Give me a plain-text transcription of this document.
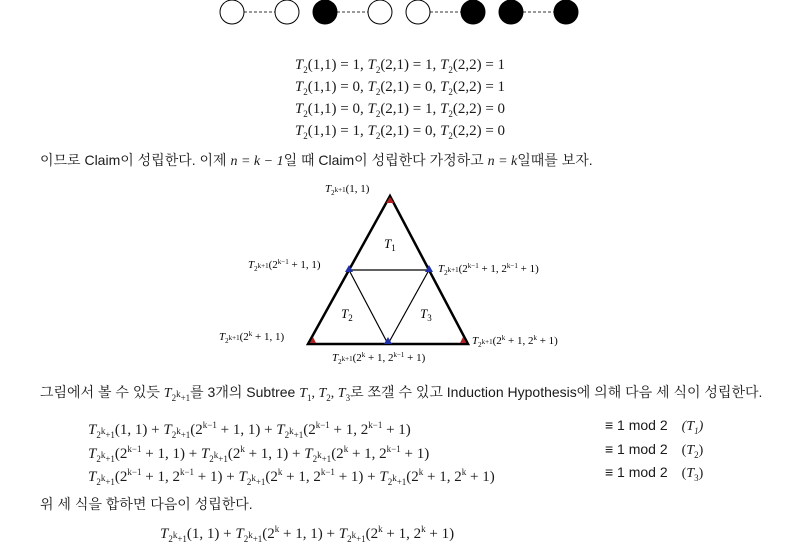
$T_2(1,1) = 1$, $T_2(2,1) = 1$, $T_2(2,2) = 1$
$T_2(1,1) = 0$, $T_2(2,1) = 0$, $T_2(2,2) = 1$
$T_2(1,1) = 0$, $T_2(2,1) = 1$, $T_2(2,2) = 0$
$T_2(1,1) = 1$, $T_2(2,1) = 0$, $T_2(2,2) = 0$
이므로 Claim이 성립한다. 이제 n = k − 1일 때 Claim이 성립한다 가정하고 n = k일때를 보자.
$T_1$
$T_2$	$T_3$
$T_{2k+1}(1$, 1)
$T_{2k+1}(2^{k-1} + 1$, 1)	$T_{2k+1}(2^{k-1} + 1$, $2^{k-1} + 1$)
$T_{2k+1}(2^k + 1$, 1)
$T_{2k+1}(2^k + 1$, $2^{k-1} + 1$)
$T_{2k+1}(2^k + 1$, $2^k + 1$)
그림에서 볼 수 있듯 $T_{2^k+1}$를 3개의 Subtree $T_1$, $T_2$, $T_3$로 쪼갤 수 있고 Induction Hypothesis에 의해 다음 세 식이 성립한다.
$T_{2^k+1}(1$, $1) + T_{2^k+1}(2^{k-1} + 1$, $1) + T_{2^k+1}(2^{k-1} + 1$, $2^{k-1} + 1$)	≡ 1 mod 2 $(T_1)$
$T_{2^k+1}(2^{k-1} + 1$, $1) + T_{2^k+1}(2^k + 1$, $1) + T_{2^k+1}(2^k + 1$, $2^{k-1} + 1$)	≡ 1 mod 2 $(T_2)$
$T_{2^k+1}(2^{k-1} + 1$, $2^{k-1} + 1) + T_{2^k+1}(2^k + 1$, $2^{k-1} + 1) + T_{2^k+1}(2^k + 1$, $2^k + 1$)	≡ 1 mod 2 $(T_3)$
위 세 식을 합하면 다음이 성립한다.
$T_{2^k+1}(1$, $1) + T_{2^k+1}(2^k + 1$, $1) + T_{2^k+1}(2^k + 1$, $2^k + 1$)
